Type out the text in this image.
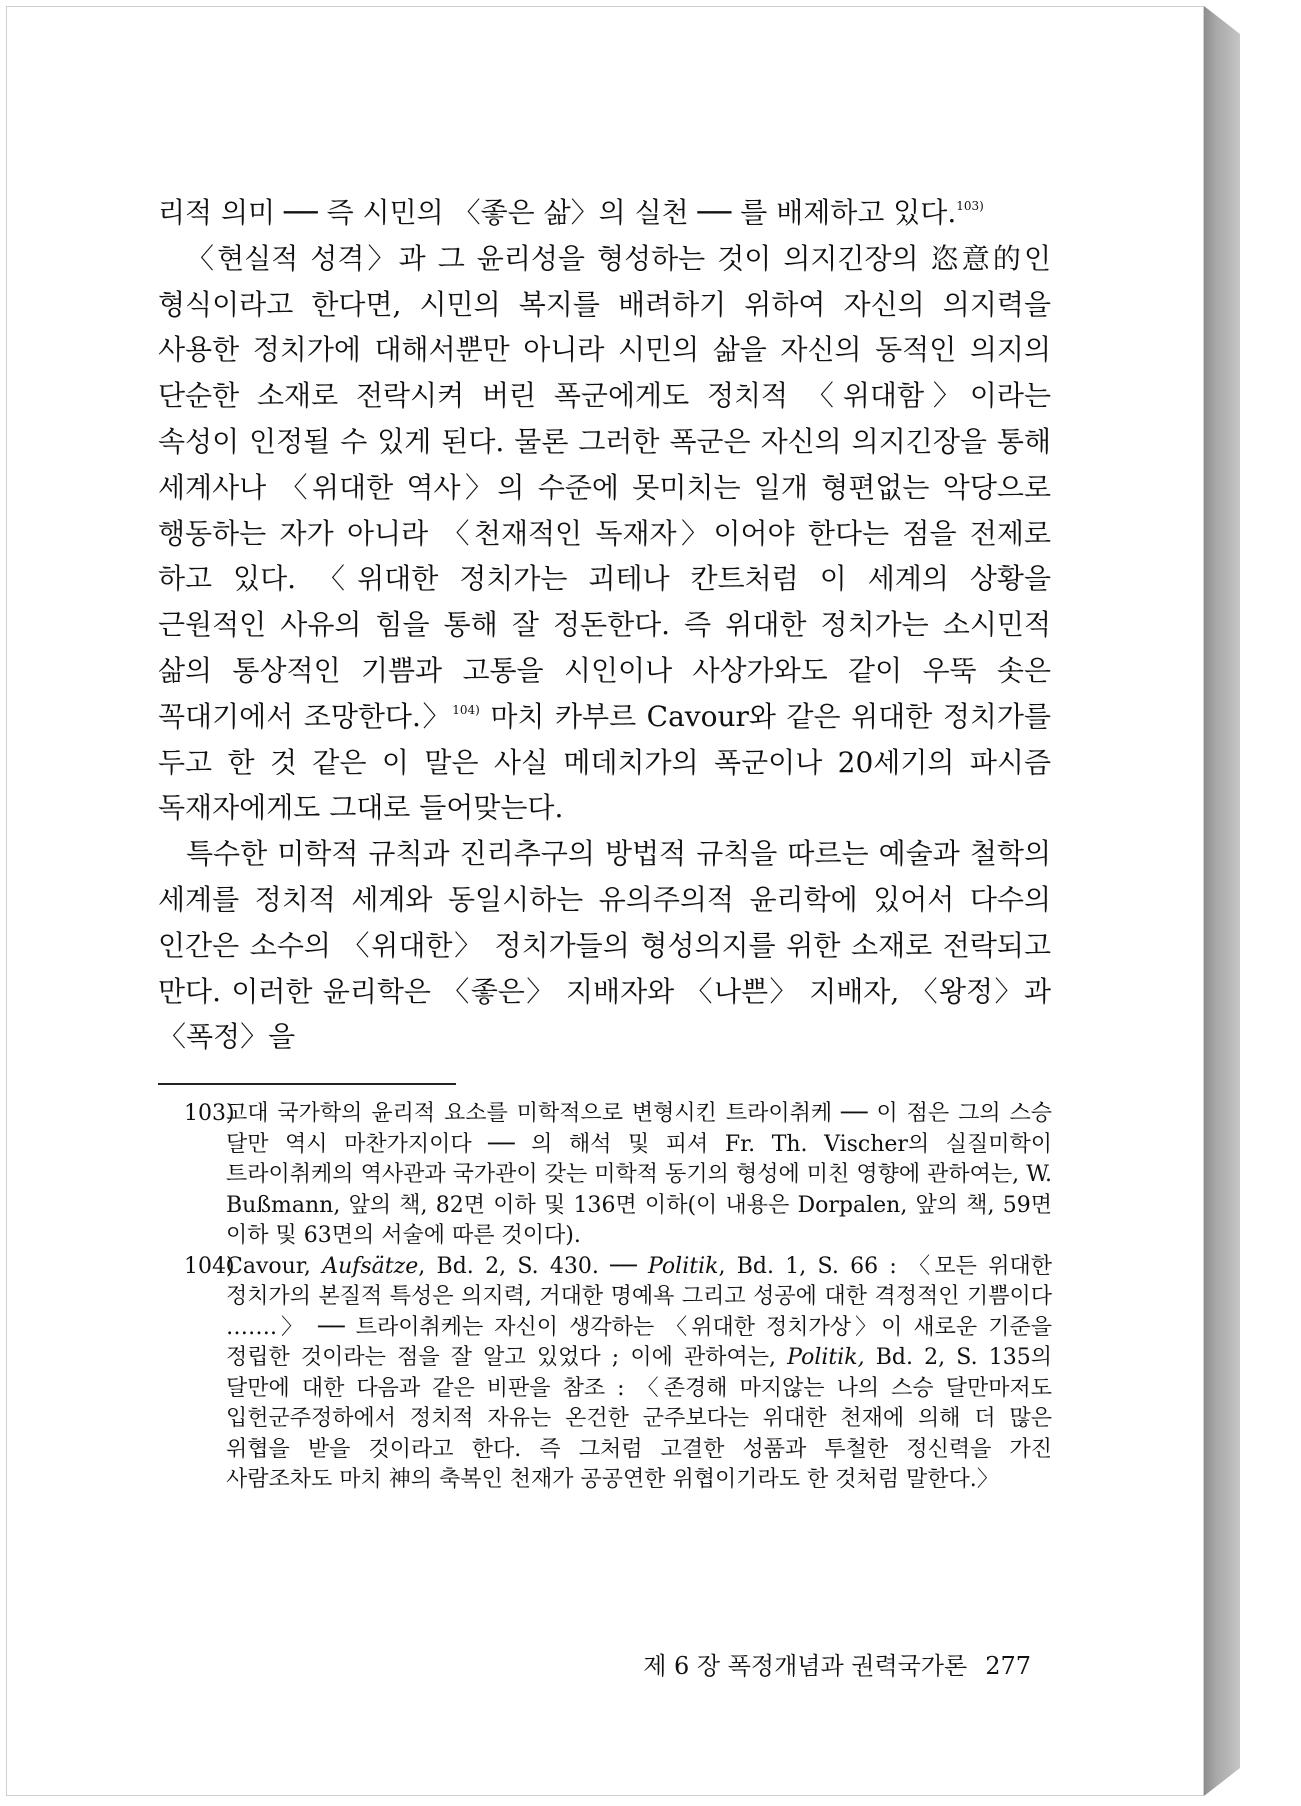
리적 의미 ── 즉 시민의 〈좋은 삶〉의 실천 ── 를 배제하고 있다.$^{103)}$

〈현실적 성격〉과 그 윤리성을 형성하는 것이 의지긴장의 恣意的인 형식이라고 한다면, 시민의 복지를 배려하기 위하여 자신의 의지력을 사용한 정치가에 대해서뿐만 아니라 시민의 삶을 자신의 동적인 의지의 단순한 소재로 전락시켜 버린 폭군에게도 정치적 〈위대함〉이라는 속성이 인정될 수 있게 된다. 물론 그러한 폭군은 자신의 의지긴장을 통해 세계사나 〈위대한 역사〉의 수준에 못미치는 일개 형편없는 악당으로 행동하는 자가 아니라 〈천재적인 독재자〉이어야 한다는 점을 전제로 하고 있다. 〈위대한 정치가는 괴테나 칸트처럼 이 세계의 상황을 근원적인 사유의 힘을 통해 잘 정돈한다. 즉 위대한 정치가는 소시민적 삶의 통상적인 기쁨과 고통을 시인이나 사상가와도 같이 우뚝 솟은 꼭대기에서 조망한다.〉$^{104)}$ 마치 카부르 Cavour와 같은 위대한 정치가를 두고 한 것 같은 이 말은 사실 메데치가의 폭군이나 20세기의 파시즘 독재자에게도 그대로 들어맞는다.

특수한 미학적 규칙과 진리추구의 방법적 규칙을 따르는 예술과 철학의 세계를 정치적 세계와 동일시하는 유의주의적 윤리학에 있어서 다수의 인간은 소수의 〈위대한〉 정치가들의 형성의지를 위한 소재로 전락되고 만다. 이러한 윤리학은 〈좋은〉 지배자와 〈나쁜〉 지배자, 〈왕정〉과 〈폭정〉을

103)고대 국가학의 윤리적 요소를 미학적으로 변형시킨 트라이취케 ── 이 점은 그의 스승 달만 역시 마찬가지이다 ── 의 해석 및 피셔 Fr. Th. Vischer의 실질미학이 트라이취케의 역사관과 국가관이 갖는 미학적 동기의 형성에 미친 영향에 관하여는, W. Bußmann, 앞의 책, 82면 이하 및 136면 이하(이 내용은 Dorpalen, 앞의 책, 59면 이하 및 63면의 서술에 따른 것이다).

104)Cavour, Aufsätze, Bd. 2, S. 430. ── Politik, Bd. 1, S. 66 : 〈모든 위대한 정치가의 본질적 특성은 의지력, 거대한 명예욕 그리고 성공에 대한 격정적인 기쁨이다 …….〉 ── 트라이취케는 자신이 생각하는 〈위대한 정치가상〉이 새로운 기준을 정립한 것이라는 점을 잘 알고 있었다 ; 이에 관하여는, Politik, Bd. 2, S. 135의 달만에 대한 다음과 같은 비판을 참조 : 〈존경해 마지않는 나의 스승 달만마저도 입헌군주정하에서 정치적 자유는 온건한 군주보다는 위대한 천재에 의해 더 많은 위협을 받을 것이라고 한다. 즉 그처럼 고결한 성품과 투철한 정신력을 가진 사람조차도 마치 神의 축복인 천재가 공공연한 위협이기라도 한 것처럼 말한다.〉

제 6 장 폭정개념과 권력국가론 277
